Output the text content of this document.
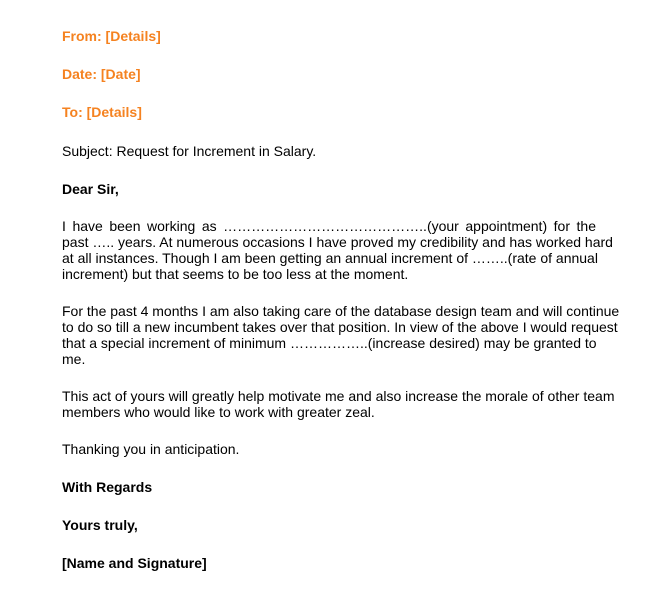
From: [Details]
Date: [Date]
To: [Details]
Subject: Request for Increment in Salary.
Dear Sir,
I have been working as ……………………………………..(your appointment) for the
past ….. years. At numerous occasions I have proved my credibility and has worked hard
at all instances. Though I am been getting an annual increment of ……..(rate of annual
increment) but that seems to be too less at the moment.
For the past 4 months I am also taking care of the database design team and will continue
to do so till a new incumbent takes over that position. In view of the above I would request
that a special increment of minimum ……………..(increase desired) may be granted to
me.
This act of yours will greatly help motivate me and also increase the morale of other team
members who would like to work with greater zeal.
Thanking you in anticipation.
With Regards
Yours truly,
[Name and Signature]
